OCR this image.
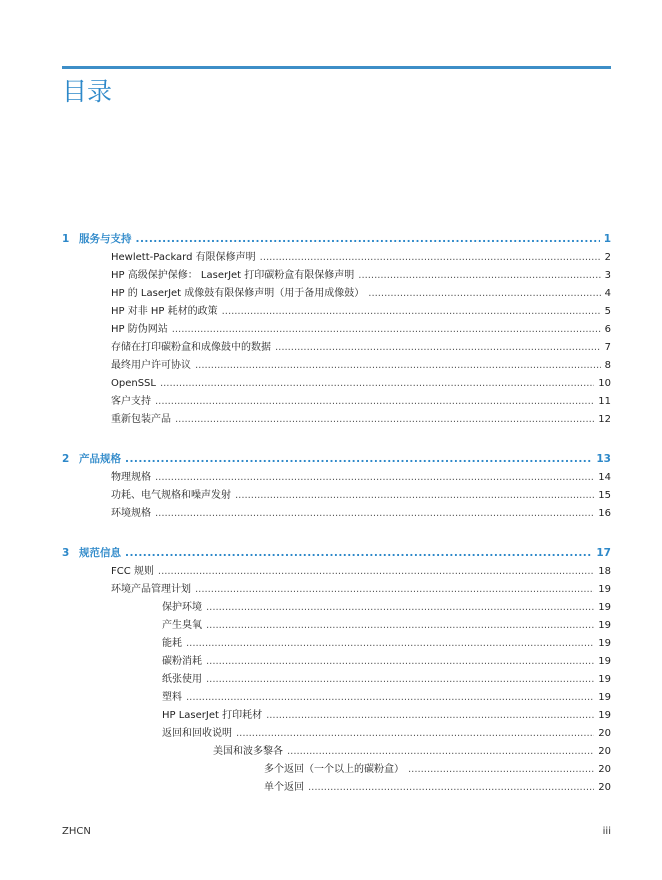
目录
1 服务与支持 . . .	1
Hewlett-Packard 有限保修声明 . . .	2
HP 高级保护保修： LaserJet 打印碳粉盒有限保修声明 . . .	3
HP 的 LaserJet 成像鼓有限保修声明（用于备用成像鼓） . . .	4
HP 对非 HP 耗材的政策 . . .	5
HP 防伪网站 . . .	6
存储在打印碳粉盒和成像鼓中的数据 . . .	7
最终用户许可协议 . . .	8
OpenSSL . . .	10
客户支持 . . .	11
重新包装产品 . . .	12
2 产品规格 . . .	13
物理规格 . . .	14
功耗、电气规格和噪声发射 . . .	15
环境规格 . . .	16
3 规范信息 . . .	17
FCC 规则 . . .	18
环境产品管理计划 . . .	19
保护环境 . . .	19
产生臭氧 . . .	19
能耗 . . .	19
碳粉消耗 . . .	19
纸张使用 . . .	19
塑料 . . .	19
HP LaserJet 打印耗材 . . .	19
返回和回收说明 . . .	20
美国和波多黎各 . . .	20
多个返回（一个以上的碳粉盒） . . .	20
单个返回 . . .	20
ZHCN	iii
